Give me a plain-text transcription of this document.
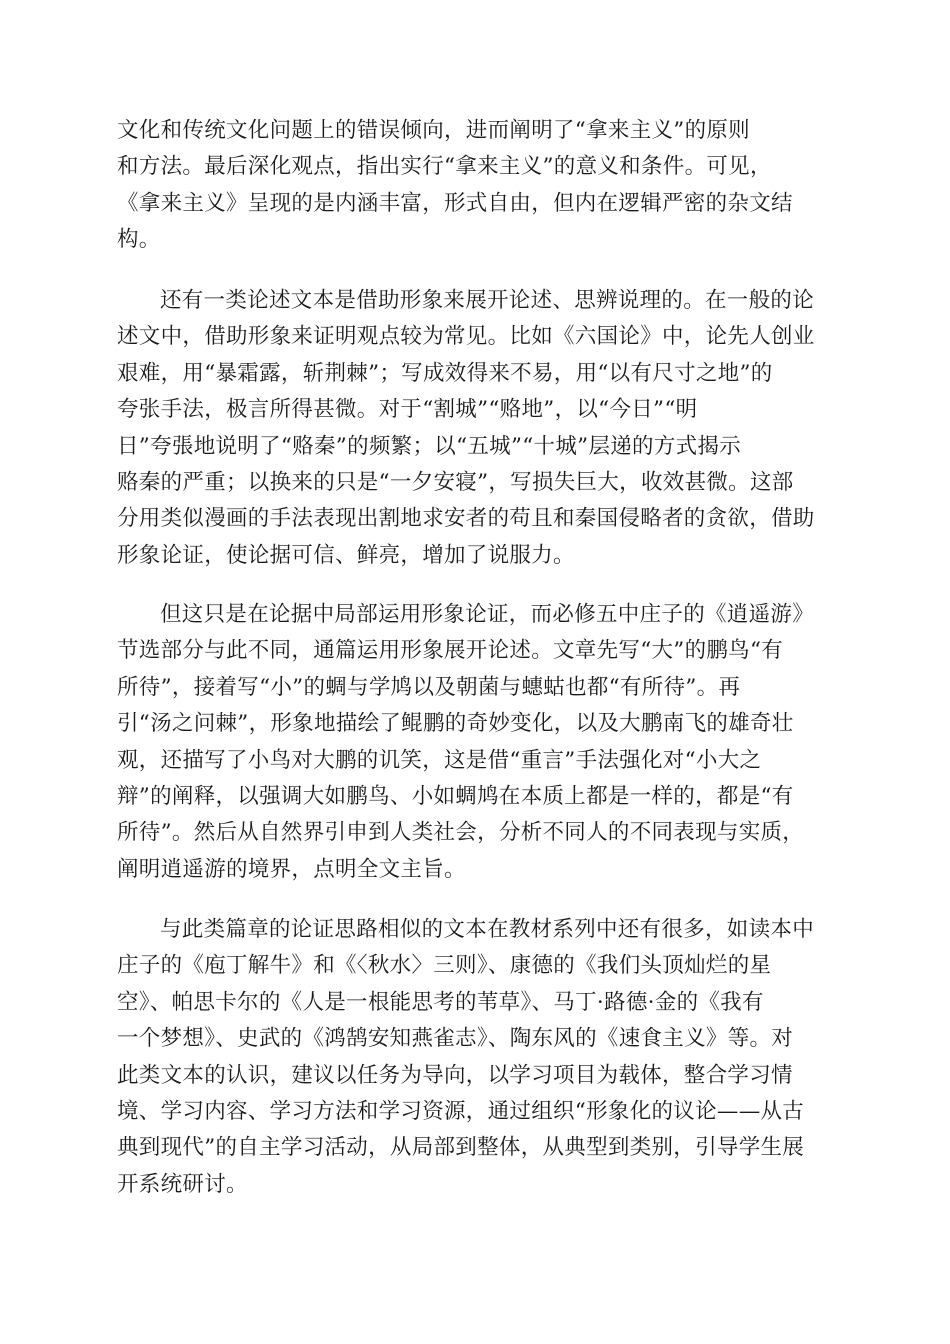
文化和传统文化问题上的错误倾向，进而阐明了“拿来主义”的原则
和方法。最后深化观点，指出实行“拿来主义”的意义和条件。可见，
《拿来主义》呈现的是内涵丰富，形式自由，但内在逻辑严密的杂文结
构。

还有一类论述文本是借助形象来展开论述、思辨说理的。在一般的论
述文中，借助形象来证明观点较为常见。比如《六国论》中，论先人创业
艰难，用“暴霜露，斩荆棘”；写成效得来不易，用“以有尺寸之地”的
夸张手法，极言所得甚微。对于“割城”“赂地”，以“今日”“明
日”夸張地说明了“赂秦”的频繁；以“五城”“十城”层递的方式揭示
赂秦的严重；以换来的只是“一夕安寝”，写损失巨大，收效甚微。这部
分用类似漫画的手法表现出割地求安者的苟且和秦国侵略者的贪欲，借助
形象论证，使论据可信、鲜亮，增加了说服力。

但这只是在论据中局部运用形象论证，而必修五中庄子的《逍遥游》
节选部分与此不同，通篇运用形象展开论述。文章先写“大”的鹏鸟“有
所待”，接着写“小”的蜩与学鸠以及朝菌与蟪蛄也都“有所待”。再
引“汤之问棘”，形象地描绘了鲲鹏的奇妙变化，以及大鹏南飞的雄奇壮
观，还描写了小鸟对大鹏的讥笑，这是借“重言”手法强化对“小大之
辩”的阐释，以强调大如鹏鸟、小如蜩鸠在本质上都是一样的，都是“有
所待”。然后从自然界引申到人类社会，分析不同人的不同表现与实质，
阐明逍遥游的境界，点明全文主旨。

与此类篇章的论证思路相似的文本在教材系列中还有很多，如读本中
庄子的《庖丁解牛》和《〈秋水〉三则》、康德的《我们头顶灿烂的星
空》、帕思卡尔的《人是一根能思考的苇草》、马丁·路德·金的《我有
一个梦想》、史武的《鸿鹄安知燕雀志》、陶东风的《速食主义》等。对
此类文本的认识，建议以任务为导向，以学习项目为载体，整合学习情
境、学习内容、学习方法和学习资源，通过组织“形象化的议论——从古
典到现代”的自主学习活动，从局部到整体，从典型到类别，引导学生展
开系统研讨。
